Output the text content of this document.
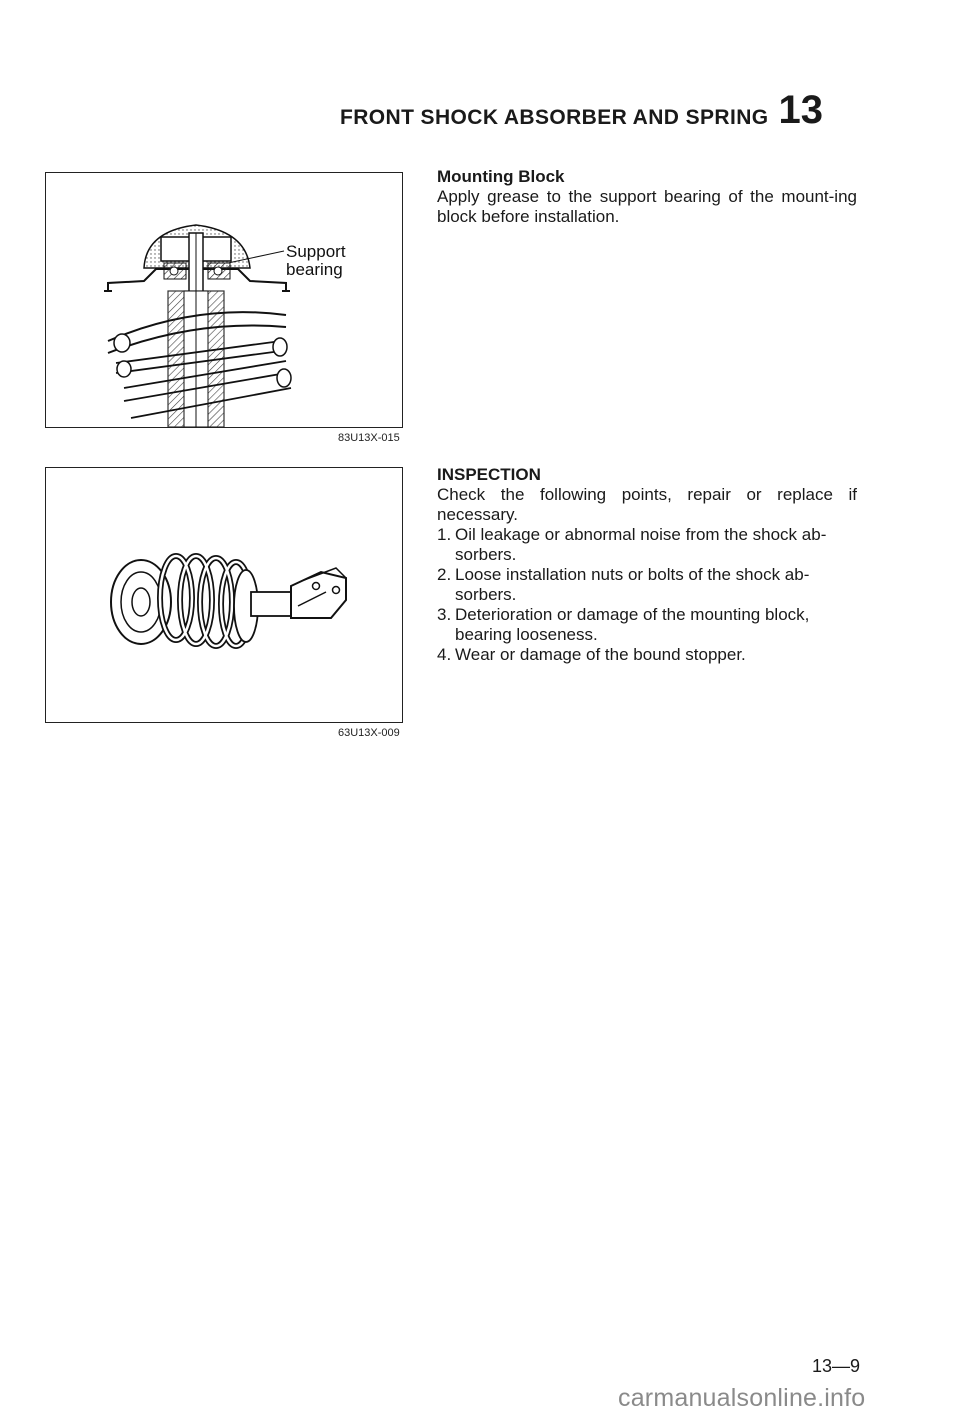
FRONT SHOCK ABSORBER AND SPRING 13
Support
bearing
83U13X-015
63U13X-009
Mounting Block

Apply grease to the support bearing of the mount-ing block before installation.

INSPECTION

Check the following points, repair or replace if necessary.

1. Oil leakage or abnormal noise from the shock ab-sorbers.
2. Loose installation nuts or bolts of the shock ab-sorbers.
3. Deterioration or damage of the mounting block, bearing looseness.
4. Wear or damage of the bound stopper.
13—9
carmanualsonline.info
